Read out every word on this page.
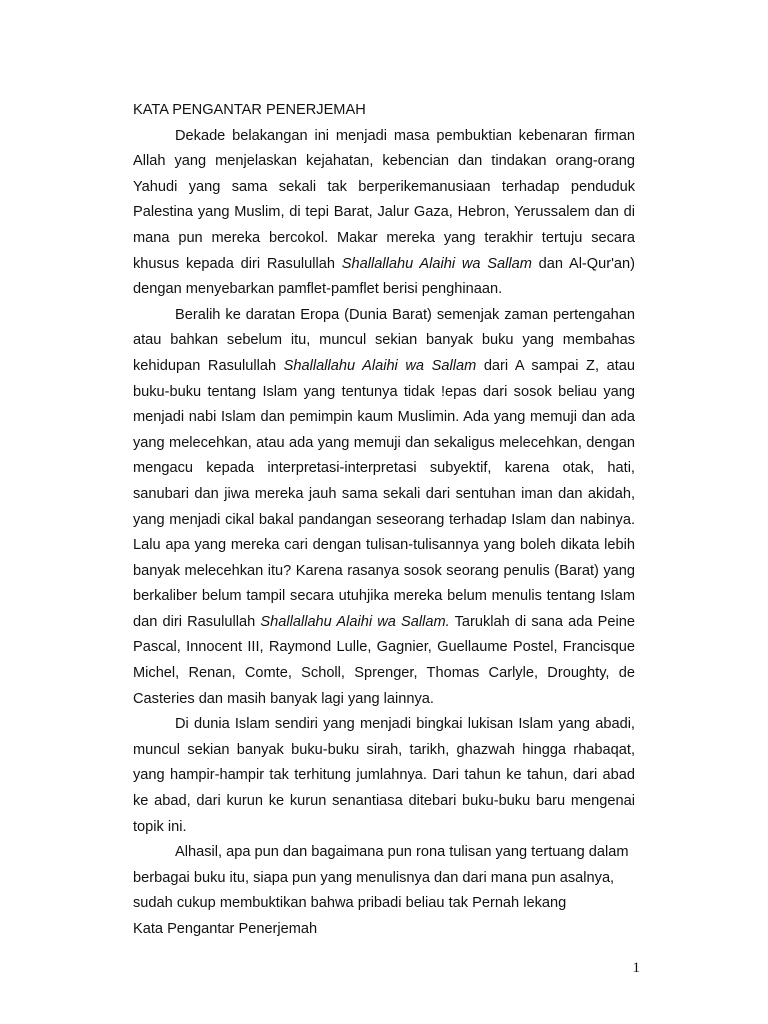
KATA PENGANTAR PENERJEMAH

Dekade belakangan ini menjadi masa pembuktian kebenaran firman Allah yang menjelaskan kejahatan, kebencian dan tindakan orang-orang Yahudi yang sama sekali tak berperikemanusiaan terhadap penduduk Palestina yang Muslim, di tepi Barat, Jalur Gaza, Hebron, Yerussalem dan di mana pun mereka bercokol. Makar mereka yang terakhir tertuju secara khusus kepada diri Rasulullah Shallallahu Alaihi wa Sallam dan Al-Qur'an) dengan menyebarkan pamflet-pamflet berisi penghinaan.

Beralih ke daratan Eropa (Dunia Barat) semenjak zaman pertengahan atau bahkan sebelum itu, muncul sekian banyak buku yang membahas kehidupan Rasulullah Shallallahu Alaihi wa Sallam dari A sampai Z, atau buku-buku tentang Islam yang tentunya tidak !epas dari sosok beliau yang menjadi nabi Islam dan pemimpin kaum Muslimin. Ada yang memuji dan ada yang melecehkan, atau ada yang memuji dan sekaligus melecehkan, dengan mengacu kepada interpretasi-interpretasi subyektif, karena otak, hati, sanubari dan jiwa mereka jauh sama sekali dari sentuhan iman dan akidah, yang menjadi cikal bakal pandangan seseorang terhadap Islam dan nabinya. Lalu apa yang mereka cari dengan tulisan-tulisannya yang boleh dikata lebih banyak melecehkan itu? Karena rasanya sosok seorang penulis (Barat) yang berkaliber belum tampil secara utuhjika mereka belum menulis tentang Islam dan diri Rasulullah Shallallahu Alaihi wa Sallam. Taruklah di sana ada Peine Pascal, Innocent III, Raymond Lulle, Gagnier, Guellaume Postel, Francisque Michel, Renan, Comte, Scholl, Sprenger, Thomas Carlyle, Droughty, de Casteries dan masih banyak lagi yang lainnya.

Di dunia Islam sendiri yang menjadi bingkai lukisan Islam yang abadi, muncul sekian banyak buku-buku sirah, tarikh, ghazwah hingga rhabaqat, yang hampir-hampir tak terhitung jumlahnya. Dari tahun ke tahun, dari abad ke abad, dari kurun ke kurun senantiasa ditebari buku-buku baru mengenai topik ini.

Alhasil, apa pun dan bagaimana pun rona tulisan yang tertuang dalam berbagai buku itu, siapa pun yang menulisnya dan dari mana pun asalnya, sudah cukup membuktikan bahwa pribadi beliau tak Pernah lekang

Kata Pengantar Penerjemah

1
